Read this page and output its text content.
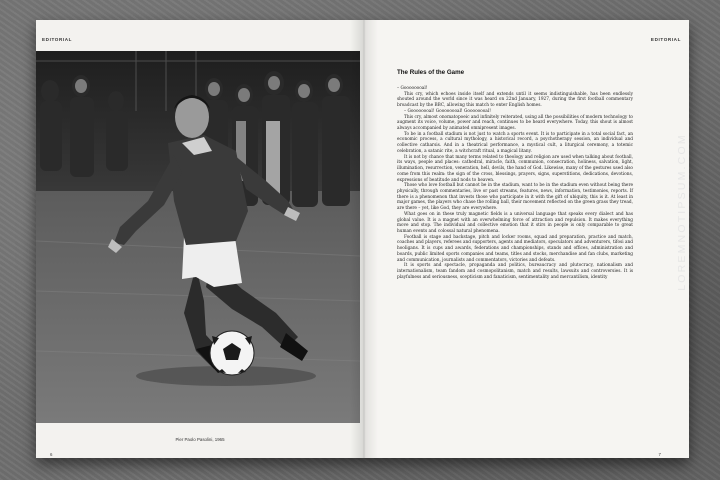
EDITORIAL
Pier Paolo Pasolini, 1965
6
EDITORIAL
The Rules of the Game

– Goooooooal!

This cry, which echoes inside itself and extends until it seems indistinguishable, has been endlessly shouted around the world since it was heard on 22nd January, 1927, during the first football commentary broadcast by the BBC, allowing this match to enter English homes.

– Goooooooal! Goooooooal! Goooooooal!

This cry, almost onomatopoeic and infinitely reiterated, using all the possibilities of modern technology to augment its voice, volume, power and reach, continues to be heard everywhere. Today, this shout is almost always accompanied by animated omnipresent images.

To be in a football stadium is not just to watch a sports event. It is to participate in a total social fact, an economic process, a cultural mythology, a historical record, a psychotherapy session, an individual and collective catharsis. And in a theatrical performance, a mystical cult, a liturgical ceremony, a totemic celebration, a satanic rite, a witchcraft ritual, a magical litany.

It is not by chance that many terms related to theology and religion are used when talking about football, its ways, people and places: cathedral, miracle, faith, communion, consecration, holiness, salvation, light, illumination, resurrection, veneration, hell, devils, the hand of God. Likewise, many of the gestures used also come from this realm: the sign of the cross, blessings, prayers, signs, superstitions, dedications, devotions, expressions of beatitude and nods to heaven.

Those who love football but cannot be in the stadium, want to be in the stadium even without being there physically, through commentaries, live or past streams, features, news, information, testimonies, reports. If there is a phenomenon that invests those who participate in it with the gift of ubiquity, this is it. At least in major games, the players who chase the rolling ball, their movement reflected on the green grass they tread, are there – yet, like God, they are everywhere.

What goes on in these truly magnetic fields is a universal language that speaks every dialect and has global value. It is a magnet with an overwhelming force of attraction and repulsion. It makes everything move and stop. The individual and collective emotion that it stirs in people is only comparable to great human events and colossal natural phenomena.

Football is stage and backstage, pitch and locker rooms, squad and preparation, practice and match, coaches and players, referees and supporters, agents and mediators, speculators and adventurers, tifosi and hooligans. It is cups and awards, federations and championships, stands and offices, administration and boards, public limited sports companies and teams, titles and stocks, merchandise and fan clubs, marketing and communication, journalists and commentators, victories and defeats.

It is sports and spectacle, propaganda and politics, bureaucracy and plutocracy, nationalism and internationalism, team fandom and cosmopolitanism, match and results, lawsuits and controversies. It is playfulness and seriousness, scepticism and fanaticism, sentimentality and mercantilism, identity

7
LOREMNOTIPSUM.COM
